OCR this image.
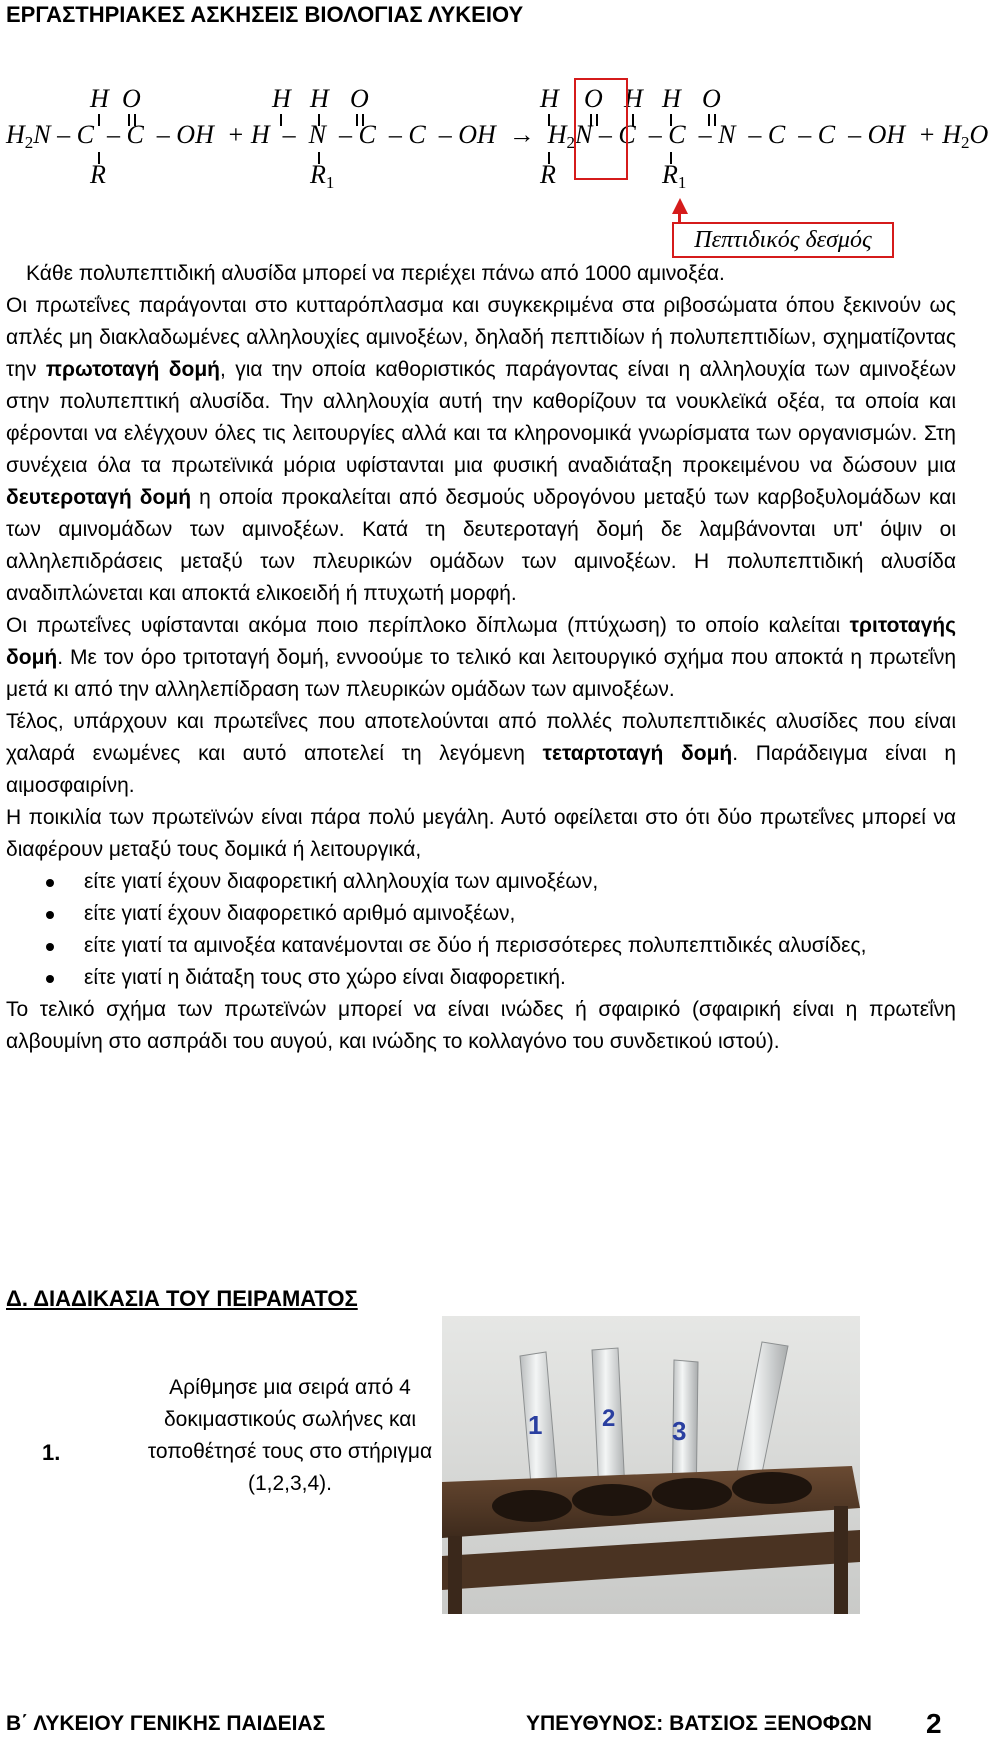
ΕΡΓΑΣΤΗΡΙΑΚΕΣ ΑΣΚΗΣΕΙΣ ΒΙΟΛΟΓΙΑΣ ΛΥΚΕΙΟΥ
H O	H H O	H O H H O
H2N – C  – C  – OH  + H  –  N  – C  – C  – OH  →  H2N – C  – C  – N  – C  – C  – OH  + H2O
R	R1	R	R1
Πεπτιδικός δεσμός

Κάθε πολυπεπτιδική αλυσίδα μπορεί να περιέχει πάνω από 1000 αμινοξέα.

Οι πρωτεΐνες παράγονται στο κυτταρόπλασμα και συγκεκριμένα στα ριβοσώματα όπου ξεκινούν ως απλές μη διακλαδωμένες αλληλουχίες αμινοξέων, δηλαδή πεπτιδίων ή πολυπεπτιδίων, σχηματίζοντας την πρωτοταγή δομή, για την οποία καθοριστικός παράγοντας είναι η αλληλουχία των αμινοξέων στην πολυπεπτική αλυσίδα. Την αλληλουχία αυτή την καθορίζουν τα νουκλεϊκά οξέα, τα οποία και φέρονται να ελέγχουν όλες τις λειτουργίες αλλά και τα κληρονομικά γνωρίσματα των οργανισμών. Στη συνέχεια όλα τα πρωτεϊνικά μόρια υφίστανται μια φυσική αναδιάταξη προκειμένου να δώσουν μια δευτεροταγή δομή η οποία προκαλείται από δεσμούς υδρογόνου μεταξύ των καρβοξυλομάδων και των αμινομάδων των αμινοξέων. Κατά τη δευτεροταγή δομή δε λαμβάνονται υπ' όψιν οι αλληλεπιδράσεις μεταξύ των πλευρικών ομάδων των αμινοξέων. Η πολυπεπτιδική αλυσίδα αναδιπλώνεται και αποκτά ελικοειδή ή πτυχωτή μορφή.

Οι πρωτεΐνες υφίστανται ακόμα ποιο περίπλοκο δίπλωμα (πτύχωση) το οποίο καλείται τριτοταγής δομή. Με τον όρο τριτοταγή δομή, εννοούμε το τελικό και λειτουργικό σχήμα που αποκτά η πρωτεΐνη μετά κι από την αλληλεπίδραση των πλευρικών ομάδων των αμινοξέων.

Τέλος, υπάρχουν και πρωτεΐνες που αποτελούνται από πολλές πολυπεπτιδικές αλυσίδες που είναι χαλαρά ενωμένες και αυτό αποτελεί τη λεγόμενη τεταρτοταγή δομή. Παράδειγμα είναι η αιμοσφαιρίνη.

Η ποικιλία των πρωτεϊνών είναι πάρα πολύ μεγάλη. Αυτό οφείλεται στο ότι δύο πρωτεΐνες μπορεί να διαφέρουν μεταξύ τους δομικά ή λειτουργικά,

είτε γιατί έχουν διαφορετική αλληλουχία των αμινοξέων,
είτε γιατί έχουν διαφορετικό αριθμό αμινοξέων,
είτε γιατί τα αμινοξέα κατανέμονται σε δύο ή περισσότερες πολυπεπτιδικές αλυσίδες,
είτε γιατί η διάταξη τους στο χώρο είναι διαφορετική.

Το τελικό σχήμα των πρωτεϊνών μπορεί να είναι ινώδες ή σφαιρικό (σφαιρική είναι η πρωτεΐνη αλβουμίνη στο ασπράδι του αυγού, και ινώδης το κολλαγόνο του συνδετικού ιστού).

Δ. ΔΙΑΔΙΚΑΣΙΑ ΤΟΥ ΠΕΙΡΑΜΑΤΟΣ
1.
Αρίθμησε μια σειρά από 4 δοκιμαστικούς σωλήνες και τοποθέτησέ τους στο στήριγμα (1,2,3,4).
1	3
2
Β΄ ΛΥΚΕΙΟΥ ΓΕΝΙΚΗΣ ΠΑΙΔΕΙΑΣ	ΥΠΕΥΘΥΝΟΣ: ΒΑΤΣΙΟΣ ΞΕΝΟΦΩΝ 2
